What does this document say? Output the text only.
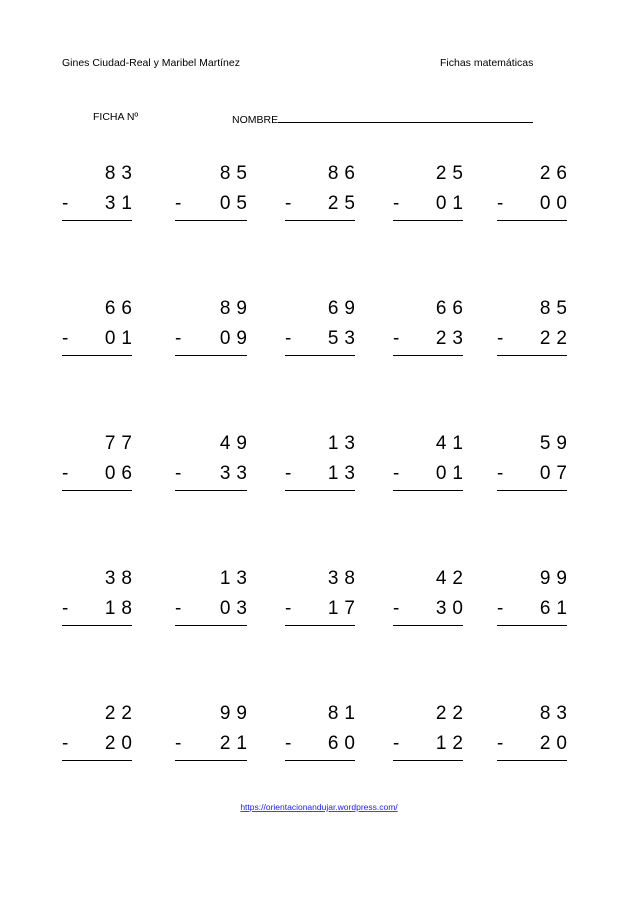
Gines Ciudad-Real y Maribel Martínez	Fichas matemáticas
FICHA Nº	NOMBRE
83
- 31
85
- 05
86
- 25
25
- 01
26
- 00
66
- 01
89
- 09
69
- 53
66
- 23
85
- 22
77
- 06
49
- 33
13
- 13
41
- 01
59
- 07
38
- 18
13
- 03
38
- 17
42
- 30
99
- 61
22
- 20
99
- 21
81
- 60
22
- 12
83
- 20
https://orientacionandujar.wordpress.com/
